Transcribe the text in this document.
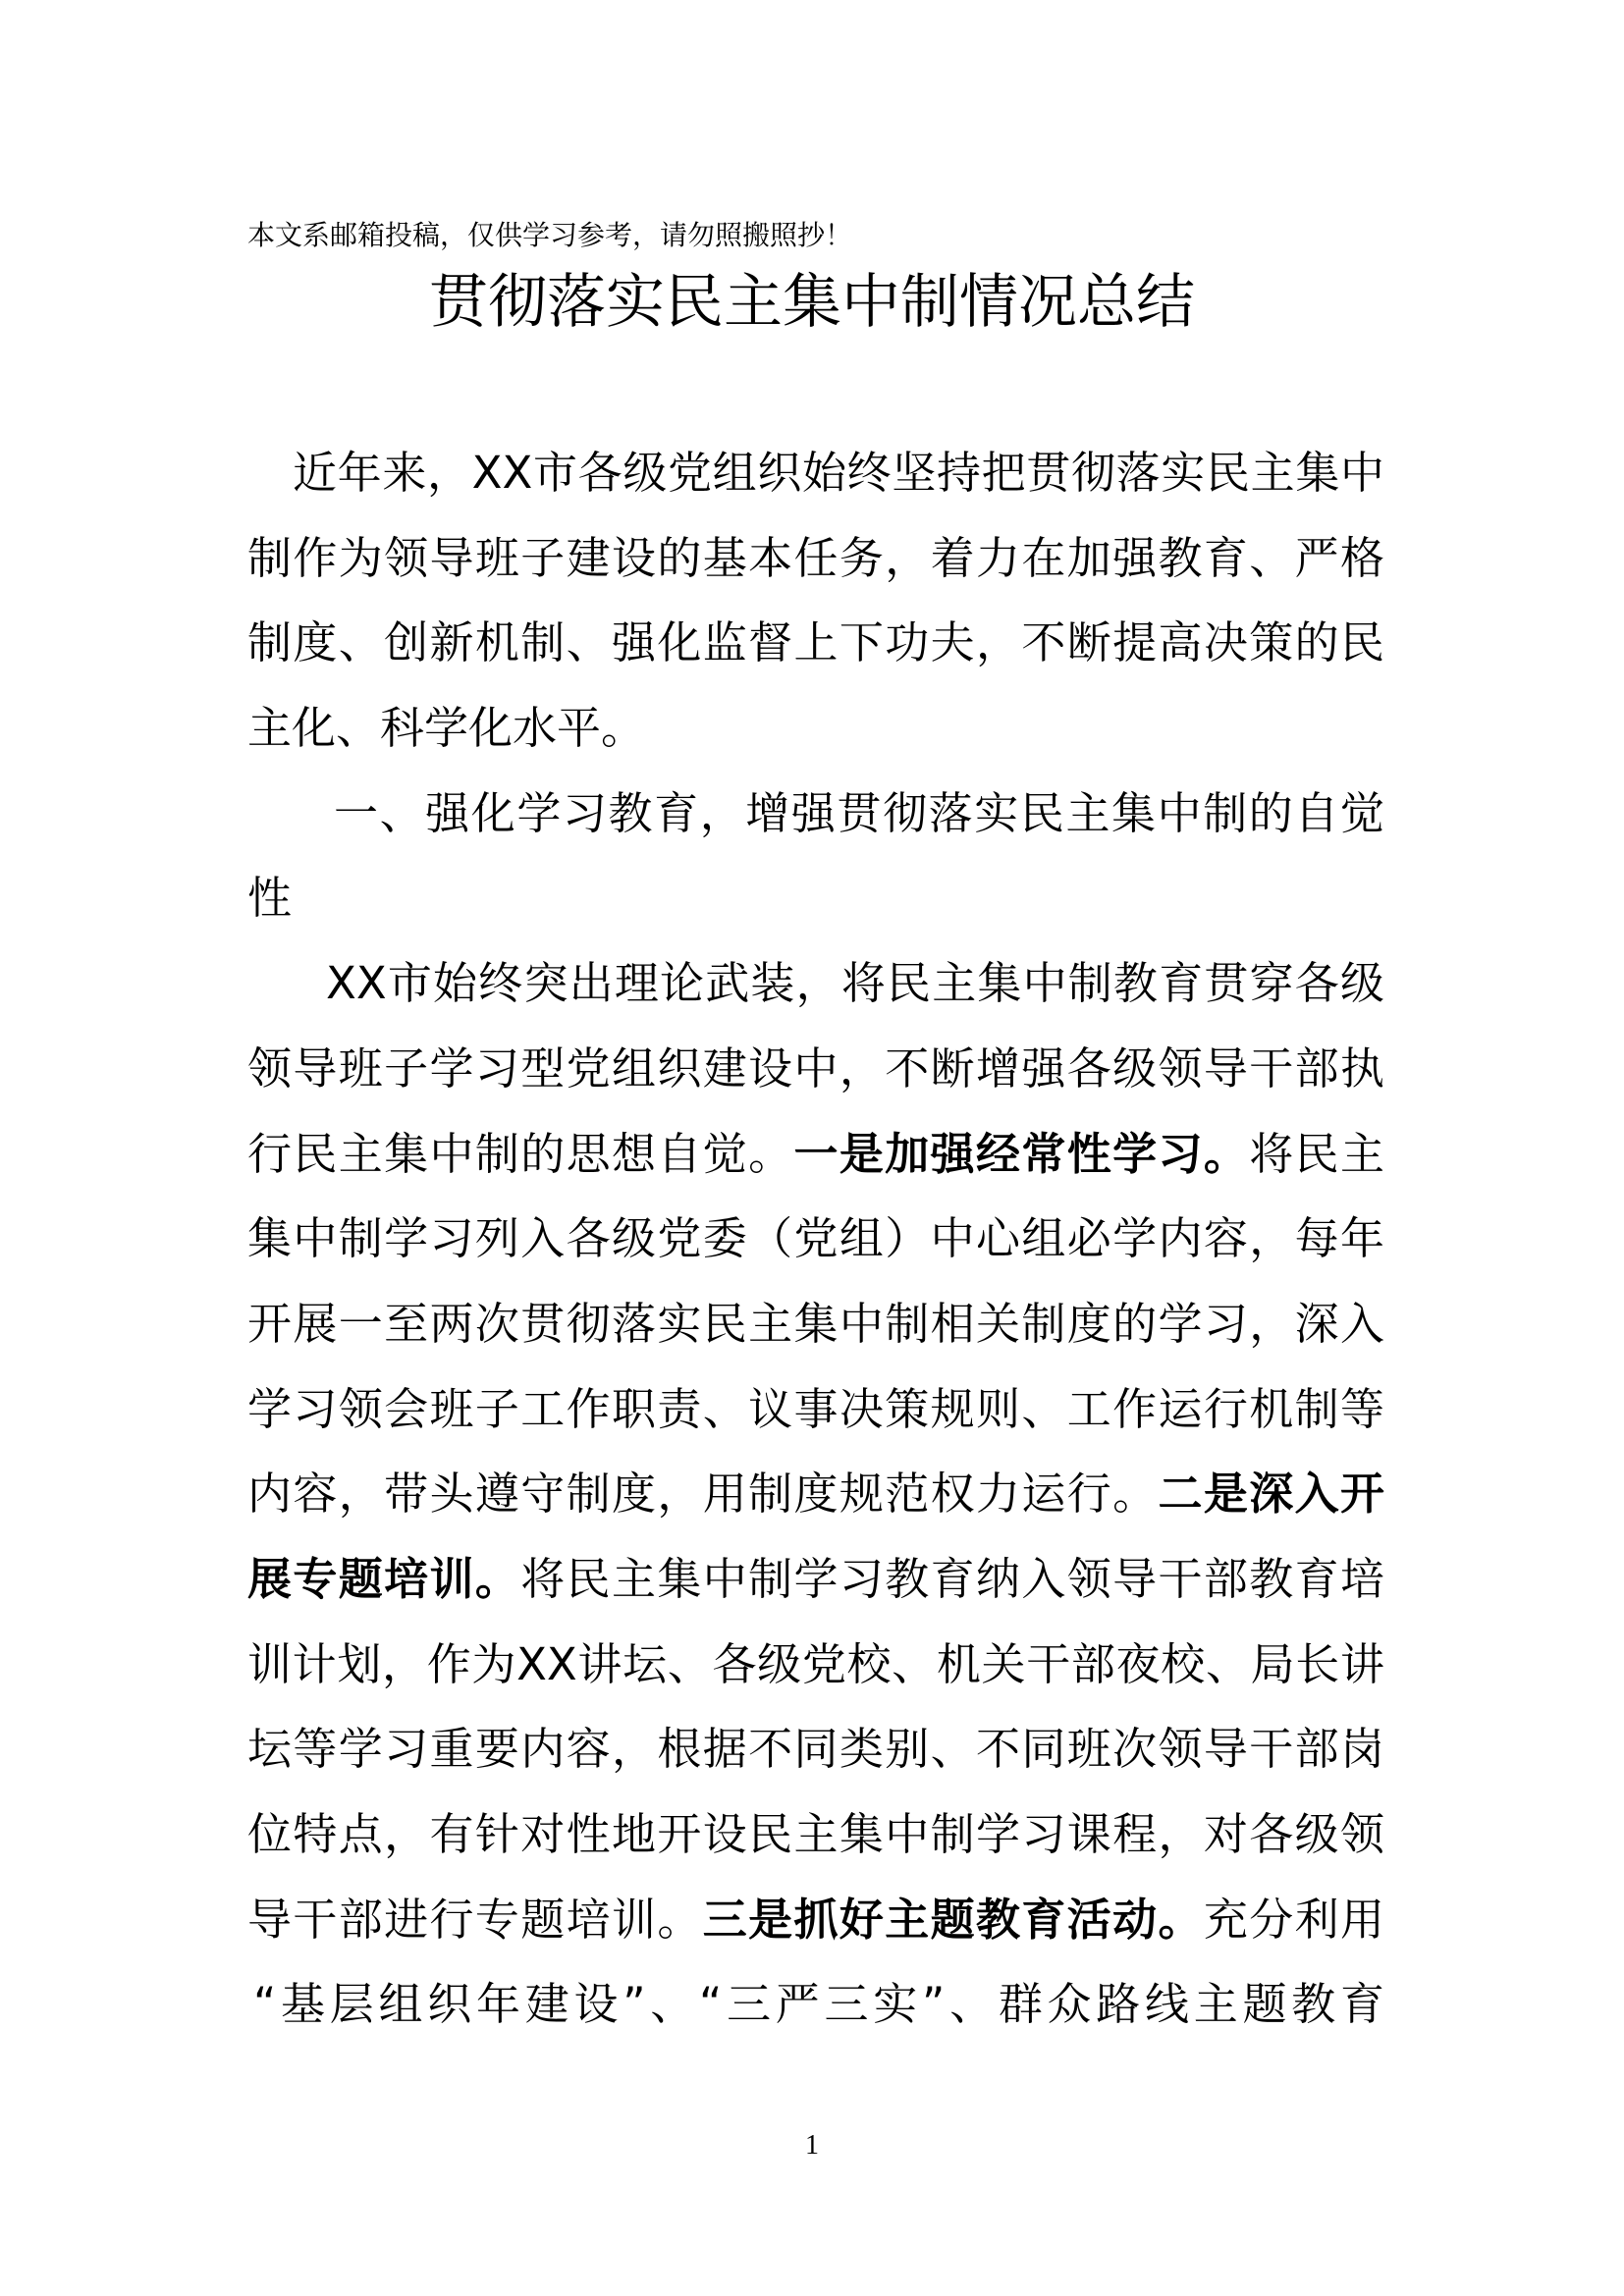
本文系邮箱投稿，仅供学习参考，请勿照搬照抄！
贯彻落实民主集中制情况总结
近年来，XX市各级党组织始终坚持把贯彻落实民主集中
制作为领导班子建设的基本任务，着力在加强教育、严格
制度、创新机制、强化监督上下功夫，不断提高决策的民
主化、科学化水平。
一、强化学习教育，增强贯彻落实民主集中制的自觉
性
XX市始终突出理论武装，将民主集中制教育贯穿各级
领导班子学习型党组织建设中，不断增强各级领导干部执
行民主集中制的思想自觉。一是加强经常性学习。将民主
集中制学习列入各级党委（党组）中心组必学内容，每年
开展一至两次贯彻落实民主集中制相关制度的学习，深入
学习领会班子工作职责、议事决策规则、工作运行机制等
内容，带头遵守制度，用制度规范权力运行。二是深入开
展专题培训。将民主集中制学习教育纳入领导干部教育培
训计划，作为XX讲坛、各级党校、机关干部夜校、局长讲
坛等学习重要内容，根据不同类别、不同班次领导干部岗
位特点，有针对性地开设民主集中制学习课程，对各级领
导干部进行专题培训。三是抓好主题教育活动。充分利用
“基层组织年建设”、“三严三实”、群众路线主题教育
1
